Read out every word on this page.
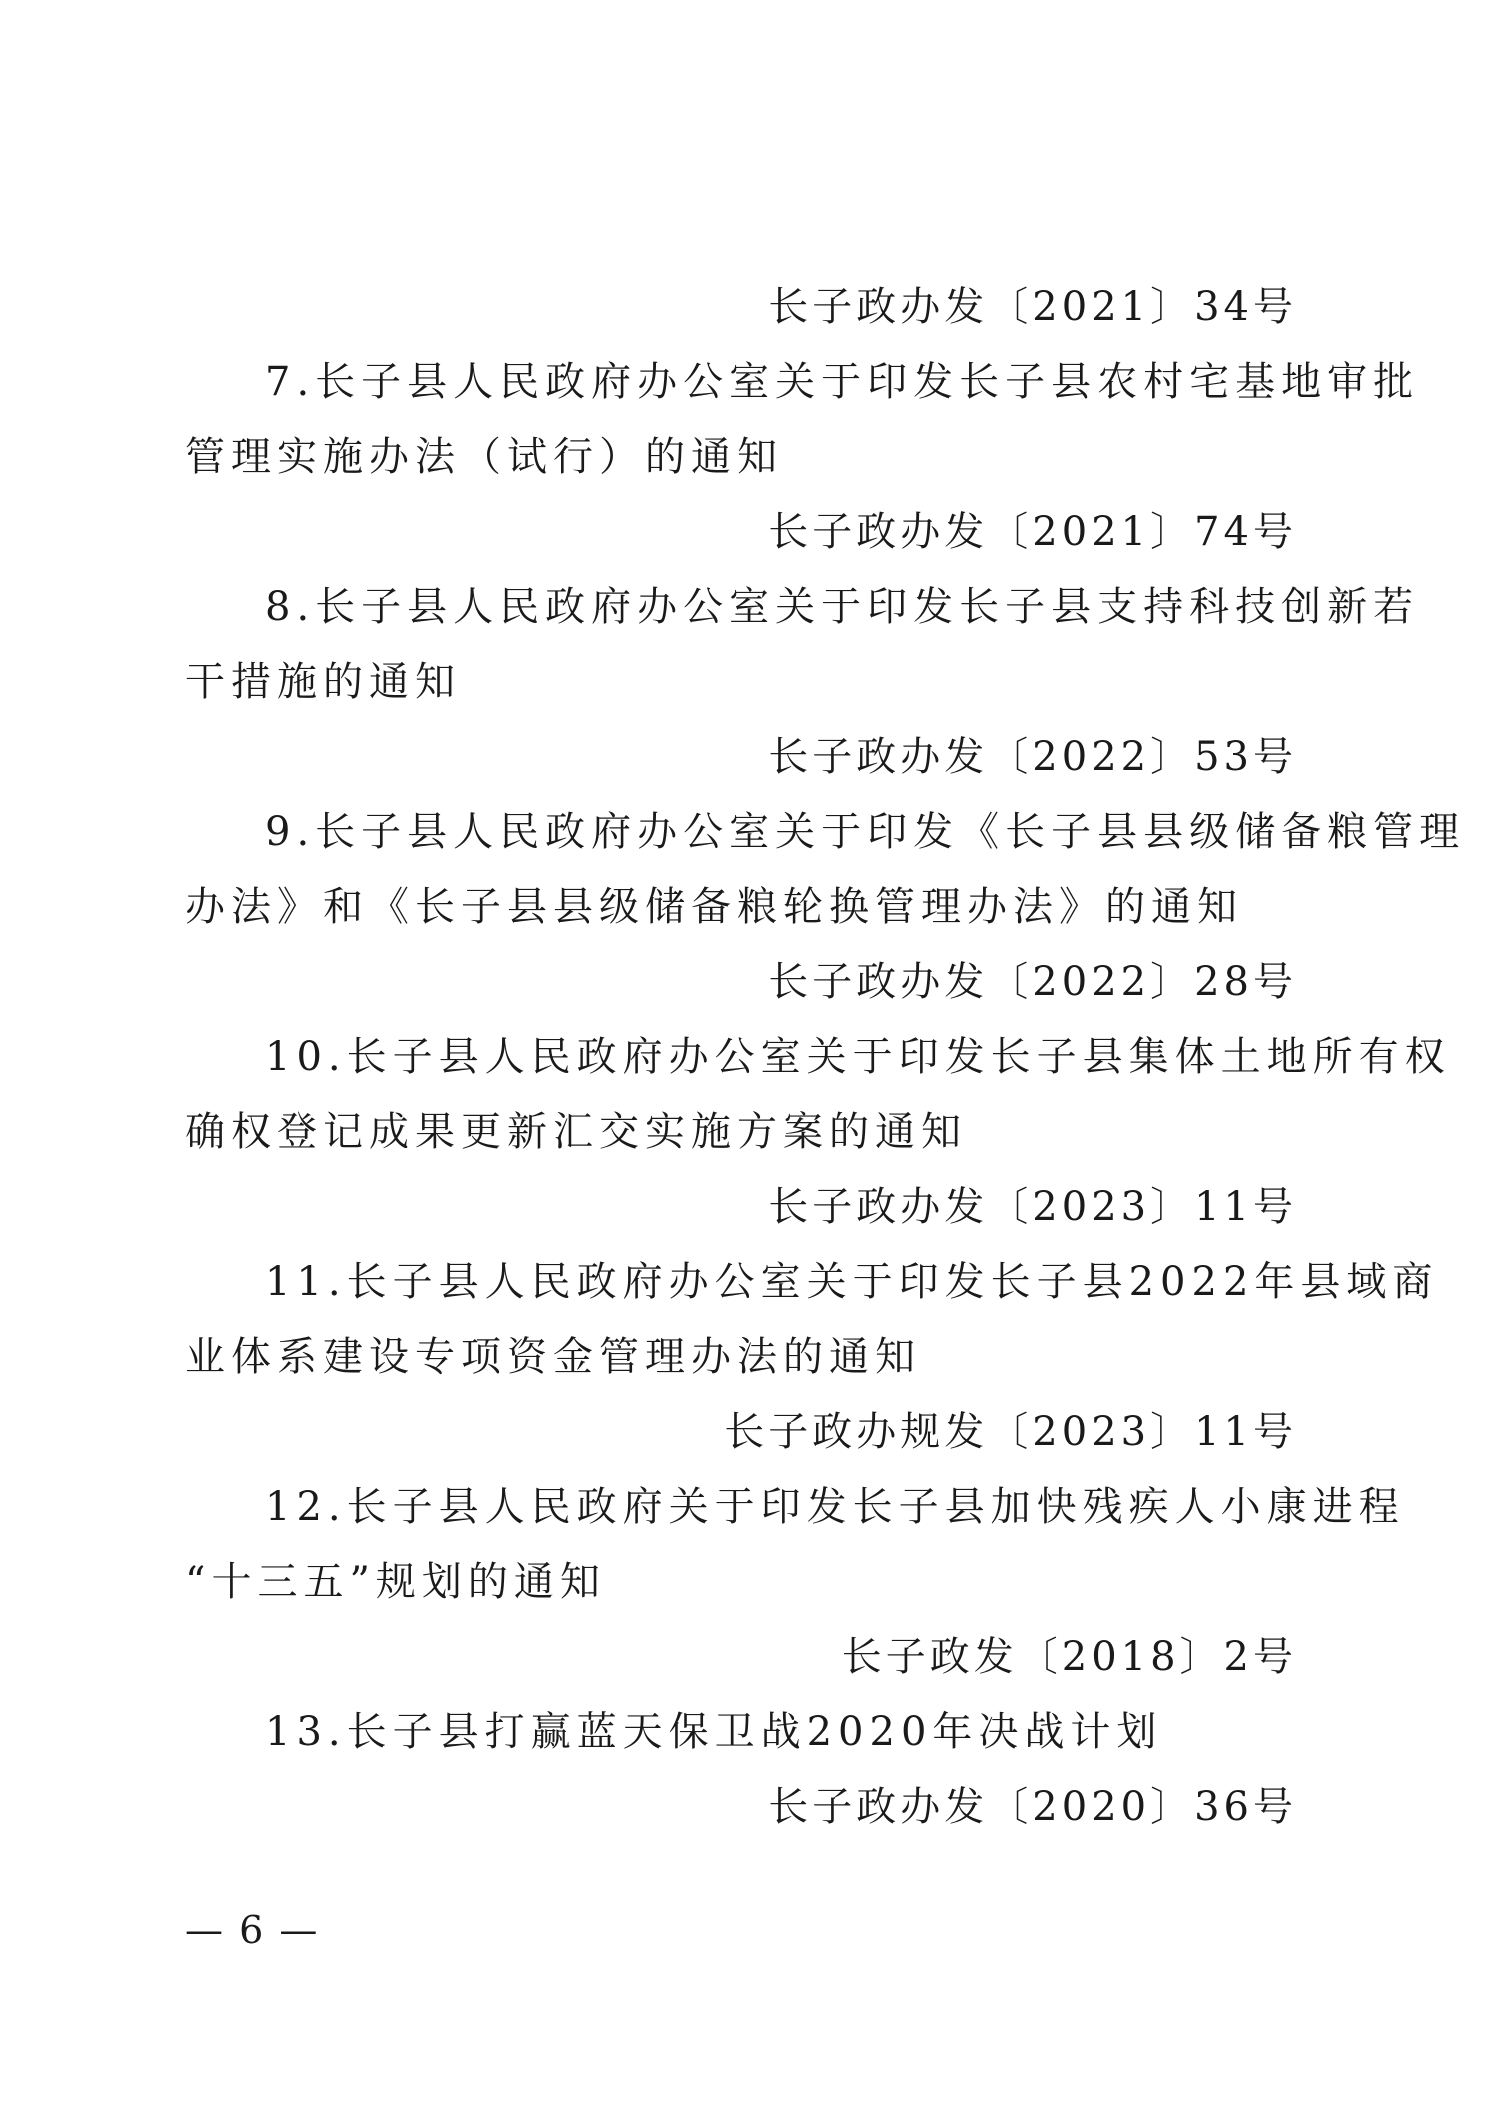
长子政办发〔2021〕34号
7.长子县人民政府办公室关于印发长子县农村宅基地审批
管理实施办法（试行）的通知
长子政办发〔2021〕74号
8.长子县人民政府办公室关于印发长子县支持科技创新若
干措施的通知
长子政办发〔2022〕53号
9.长子县人民政府办公室关于印发《长子县县级储备粮管理
办法》和《长子县县级储备粮轮换管理办法》的通知
长子政办发〔2022〕28号
10.长子县人民政府办公室关于印发长子县集体土地所有权
确权登记成果更新汇交实施方案的通知
长子政办发〔2023〕11号
11.长子县人民政府办公室关于印发长子县2022年县域商
业体系建设专项资金管理办法的通知
长子政办规发〔2023〕11号
12.长子县人民政府关于印发长子县加快残疾人小康进程
“十三五”规划的通知
长子政发〔2018〕2号
13.长子县打赢蓝天保卫战2020年决战计划
长子政办发〔2020〕36号
— 6 —
